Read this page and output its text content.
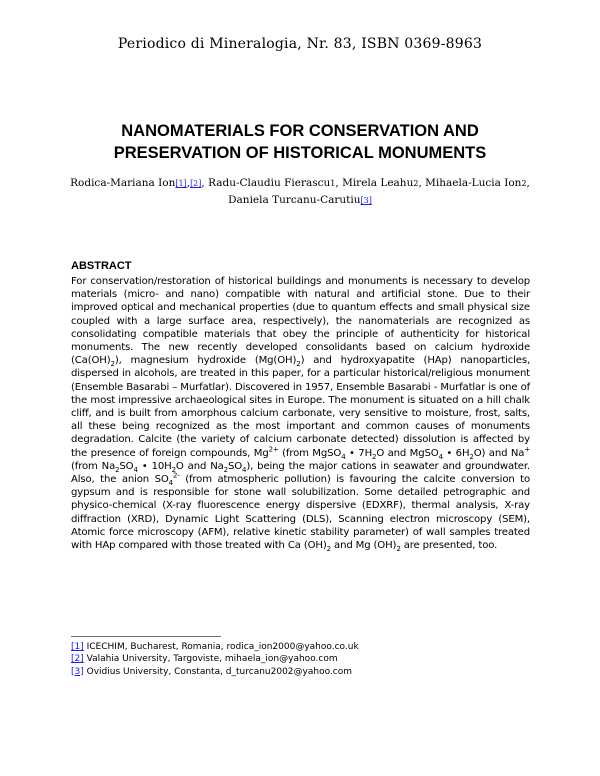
Periodico di Mineralogia, Nr. 83, ISBN 0369-8963
NANOMATERIALS FOR CONSERVATION AND
PRESERVATION OF HISTORICAL MONUMENTS
Rodica-Mariana Ion[1],[2], Radu-Claudiu Fierascu1, Mirela Leahu2, Mihaela-Lucia Ion2,
Daniela Turcanu-Carutiu[3]
ABSTRACT
For conservation/restoration of historical buildings and monuments is necessary to develop materials (micro- and nano) compatible with natural and artificial stone. Due to their improved optical and mechanical properties (due to quantum effects and small physical size coupled with a large surface area, respectively), the nanomaterials are recognized as consolidating compatible materials that obey the principle of authenticity for historical monuments. The new recently developed consolidants based on calcium hydroxide $(Ca(OH)_2)$, magnesium hydroxide $(Mg(OH)_2)$ and hydroxyapatite (HAp) nanoparticles, dispersed in alcohols, are treated in this paper, for a particular historical/religious monument (Ensemble Basarabi – Murfatlar). Discovered in 1957, Ensemble Basarabi - Murfatlar is one of the most impressive archaeological sites in Europe. The monument is situated on a hill chalk cliff, and is built from amorphous calcium carbonate, very sensitive to moisture, frost, salts, all these being recognized as the most important and common causes of monuments degradation. Calcite (the variety of calcium carbonate detected) dissolution is affected by the presence of foreign compounds, $Mg^{2+}$ (from MgSO$_4$ • $7H_2O$ and MgSO$_4$ • $6H_2O$) and Na+ (from $Na_2SO_4$ • $10H_2O$ and $Na_2SO_4$), being the major cations in seawater and groundwater. Also, the anion $SO_4^{2-}$ (from atmospheric pollution) is favouring the calcite conversion to gypsum and is responsible for stone wall solubilization. Some detailed petrographic and physico-chemical (X-ray fluorescence energy dispersive (EDXRF), thermal analysis, X-ray diffraction (XRD), Dynamic Light Scattering (DLS), Scanning electron microscopy (SEM), Atomic force microscopy (AFM), relative kinetic stability parameter) of wall samples treated with HAp compared with those treated with Ca $(OH)_2$ and Mg $(OH)_2$ are presented, too.
[1] ICECHIM, Bucharest, Romania, rodica_ion2000@yahoo.co.uk
[2] Valahia University, Targoviste, mihaela_ion@yahoo.com
[3] Ovidius University, Constanta, d_turcanu2002@yahoo.com
